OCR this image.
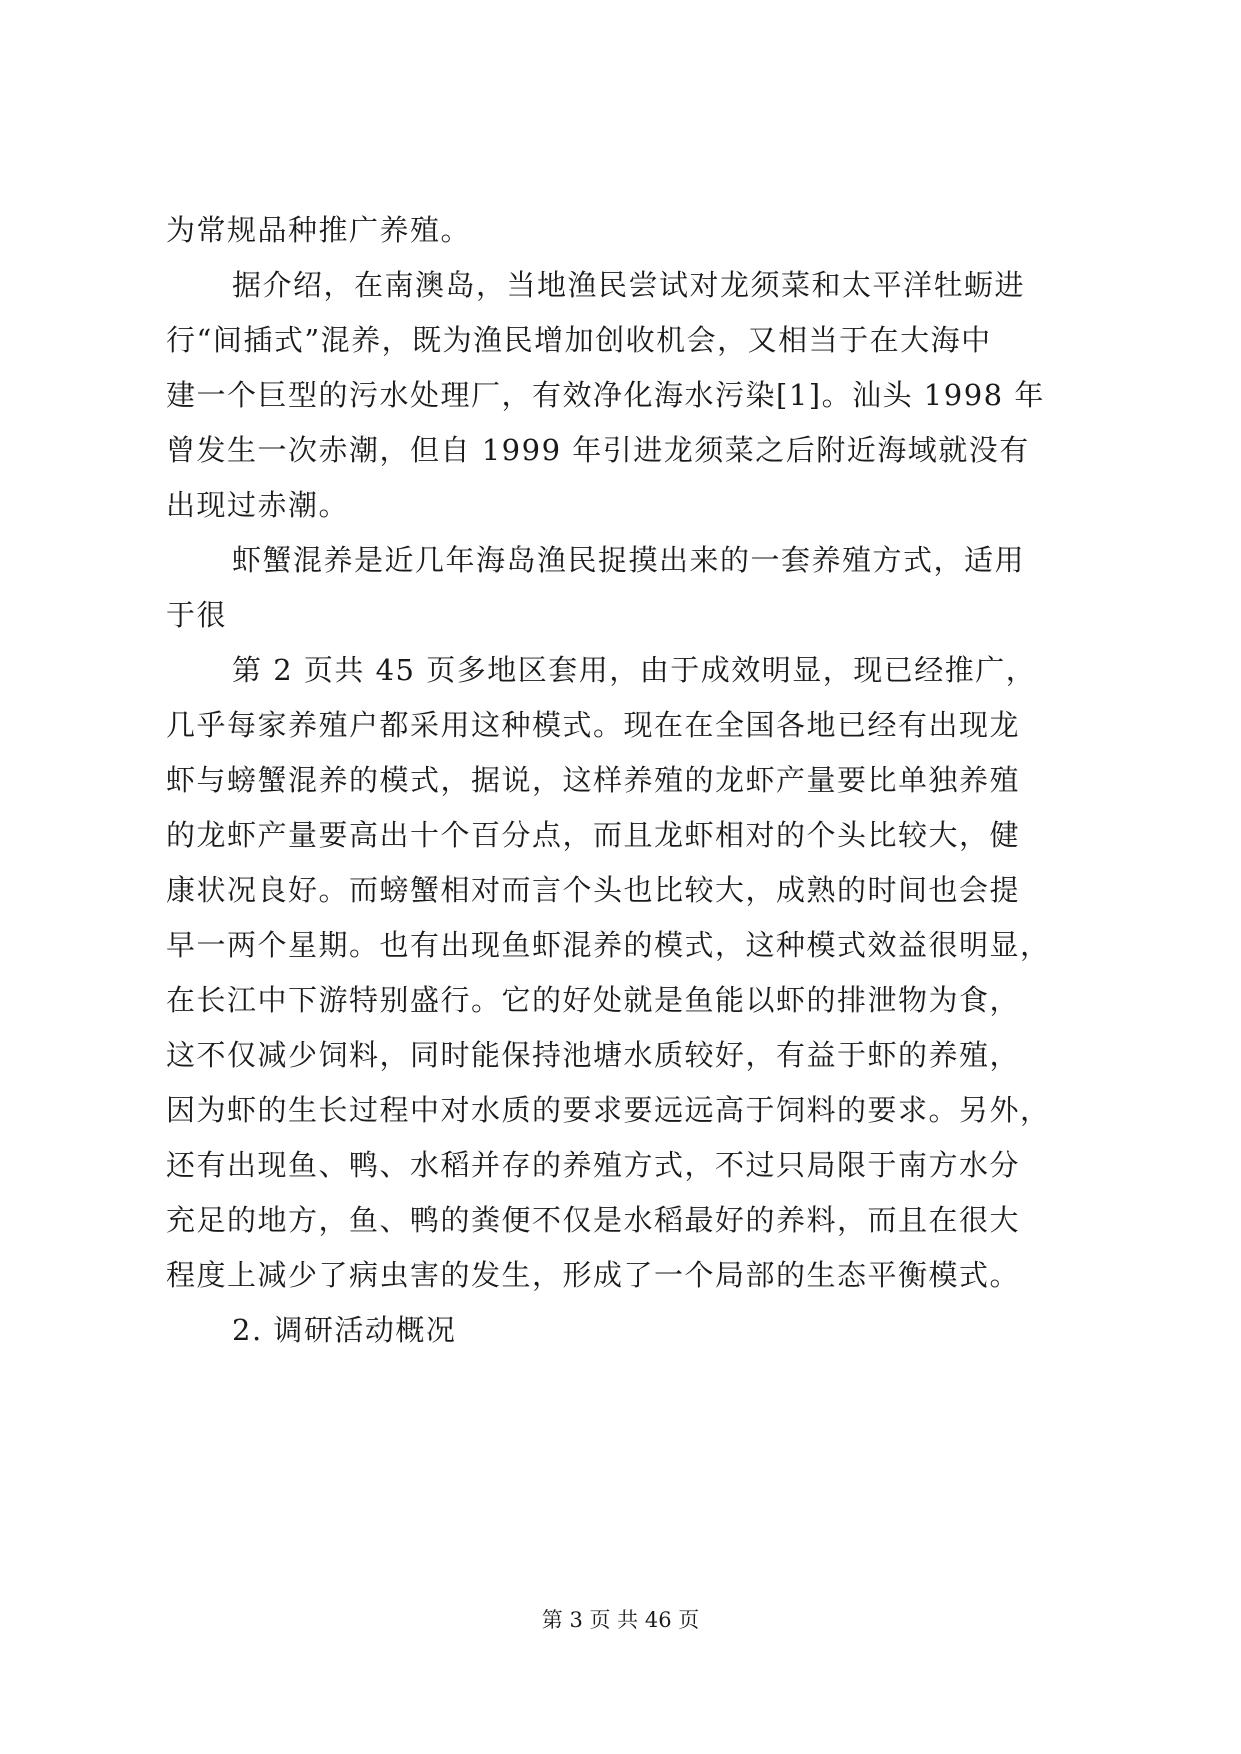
为常规品种推广养殖。
据介绍，在南澳岛，当地渔民尝试对龙须菜和太平洋牡蛎进
行“间插式”混养，既为渔民增加创收机会，又相当于在大海中
建一个巨型的污水处理厂，有效净化海水污染[1]。汕头 1998 年
曾发生一次赤潮，但自 1999 年引进龙须菜之后附近海域就没有
出现过赤潮。
虾蟹混养是近几年海岛渔民捉摸出来的一套养殖方式，适用
于很
第 2 页共 45 页多地区套用，由于成效明显，现已经推广，
几乎每家养殖户都采用这种模式。现在在全国各地已经有出现龙
虾与螃蟹混养的模式，据说，这样养殖的龙虾产量要比单独养殖
的龙虾产量要高出十个百分点，而且龙虾相对的个头比较大，健
康状况良好。而螃蟹相对而言个头也比较大，成熟的时间也会提
早一两个星期。也有出现鱼虾混养的模式，这种模式效益很明显，
在长江中下游特别盛行。它的好处就是鱼能以虾的排泄物为食，
这不仅减少饲料，同时能保持池塘水质较好，有益于虾的养殖，
因为虾的生长过程中对水质的要求要远远高于饲料的要求。另外，
还有出现鱼、鸭、水稻并存的养殖方式，不过只局限于南方水分
充足的地方，鱼、鸭的粪便不仅是水稻最好的养料，而且在很大
程度上减少了病虫害的发生，形成了一个局部的生态平衡模式。
2. 调研活动概况
第 3 页 共 46 页
